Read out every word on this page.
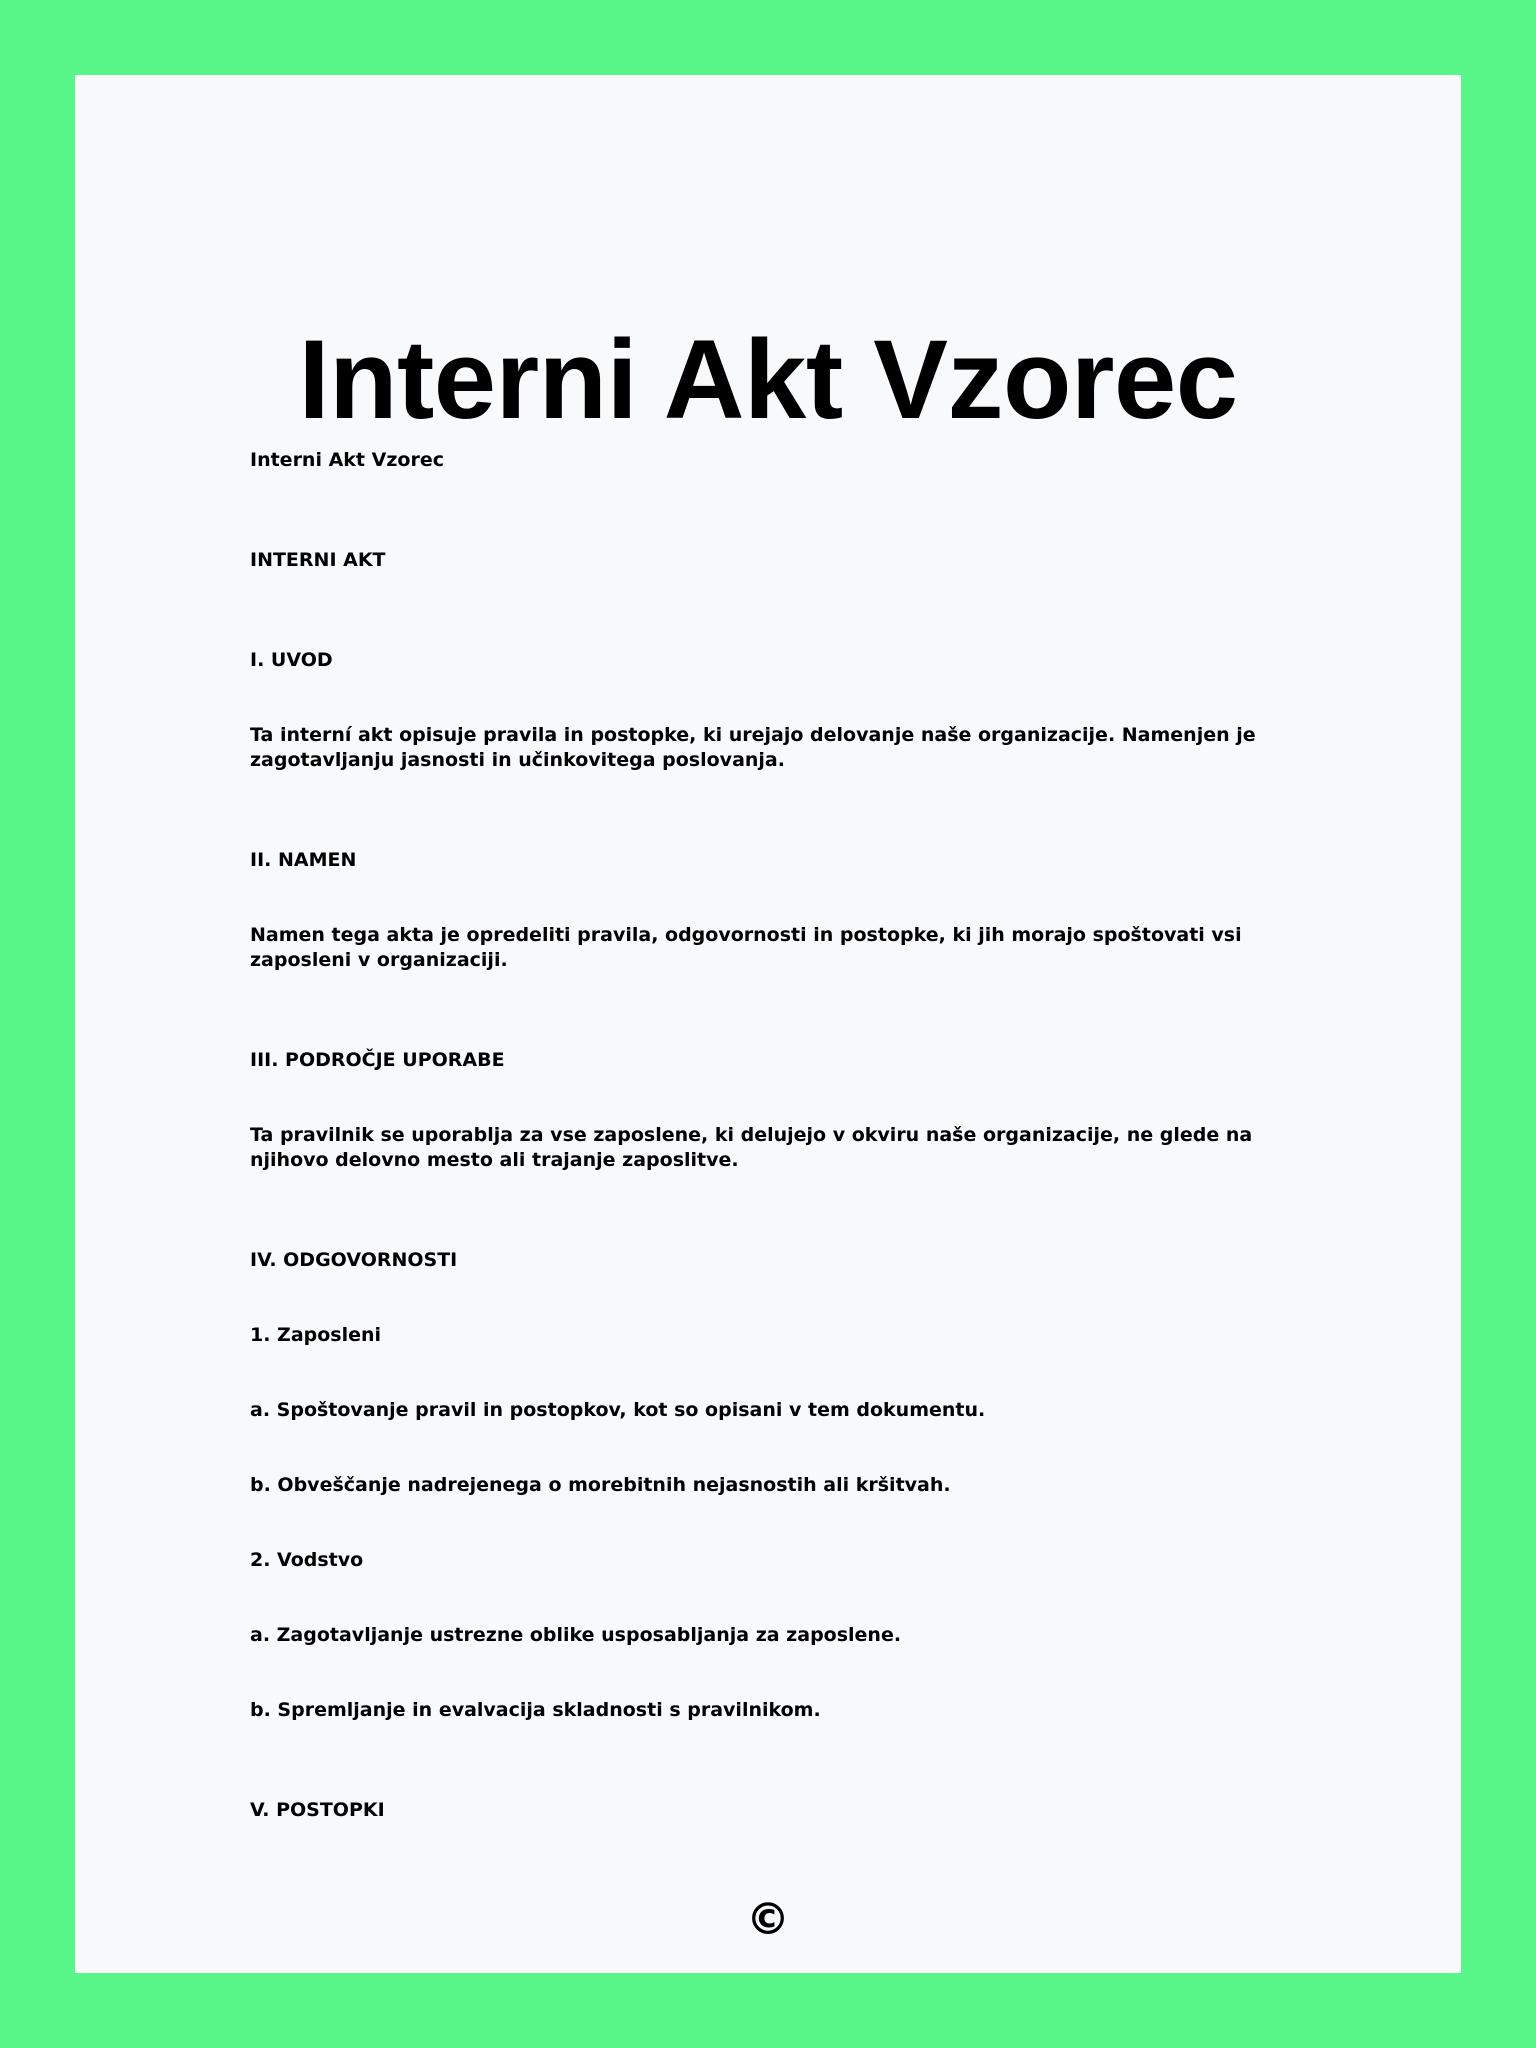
Interni Akt Vzorec

Interni Akt Vzorec

INTERNI AKT

I. UVOD

Ta interní akt opisuje pravila in postopke, ki urejajo delovanje naše organizacije. Namenjen je zagotavljanju jasnosti in učinkovitega poslovanja.

II. NAMEN

Namen tega akta je opredeliti pravila, odgovornosti in postopke, ki jih morajo spoštovati vsi zaposleni v organizaciji.

III. PODROČJE UPORABE

Ta pravilnik se uporablja za vse zaposlene, ki delujejo v okviru naše organizacije, ne glede na njihovo delovno mesto ali trajanje zaposlitve.

IV. ODGOVORNOSTI

1. Zaposleni

a. Spoštovanje pravil in postopkov, kot so opisani v tem dokumentu.

b. Obveščanje nadrejenega o morebitnih nejasnostih ali kršitvah.

2. Vodstvo

a. Zagotavljanje ustrezne oblike usposabljanja za zaposlene.

b. Spremljanje in evalvacija skladnosti s pravilnikom.

V. POSTOPKI

©
